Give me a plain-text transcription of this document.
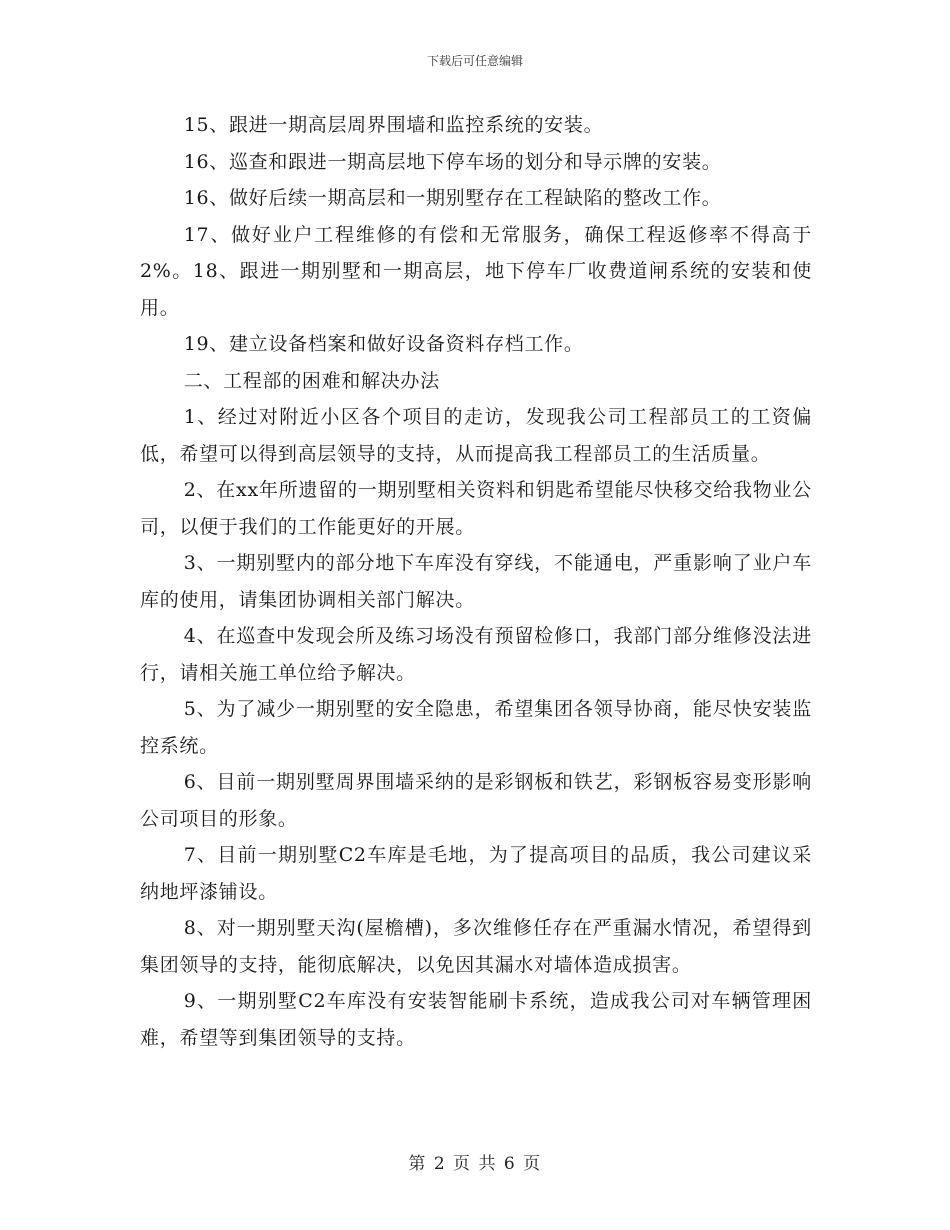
下载后可任意编辑

15、跟进一期高层周界围墙和监控系统的安装。

16、巡查和跟进一期高层地下停车场的划分和导示牌的安装。

16、做好后续一期高层和一期别墅存在工程缺陷的整改工作。

17、做好业户工程维修的有偿和无常服务，确保工程返修率不得高于2%。18、跟进一期别墅和一期高层，地下停车厂收费道闸系统的安装和使用。

19、建立设备档案和做好设备资料存档工作。

二、工程部的困难和解决办法

1、经过对附近小区各个项目的走访，发现我公司工程部员工的工资偏低，希望可以得到高层领导的支持，从而提高我工程部员工的生活质量。

2、在xx年所遗留的一期别墅相关资料和钥匙希望能尽快移交给我物业公司，以便于我们的工作能更好的开展。

3、一期别墅内的部分地下车库没有穿线，不能通电，严重影响了业户车库的使用，请集团协调相关部门解决。

4、在巡查中发现会所及练习场没有预留检修口，我部门部分维修没法进行，请相关施工单位给予解决。

5、为了减少一期别墅的安全隐患，希望集团各领导协商，能尽快安装监控系统。

6、目前一期别墅周界围墙采纳的是彩钢板和铁艺，彩钢板容易变形影响公司项目的形象。

7、目前一期别墅C2车库是毛地，为了提高项目的品质，我公司建议采纳地坪漆铺设。

8、对一期别墅天沟(屋檐槽)，多次维修任存在严重漏水情况，希望得到集团领导的支持，能彻底解决，以免因其漏水对墙体造成损害。

9、一期别墅C2车库没有安装智能刷卡系统，造成我公司对车辆管理困难，希望等到集团领导的支持。

第 2 页 共 6 页
